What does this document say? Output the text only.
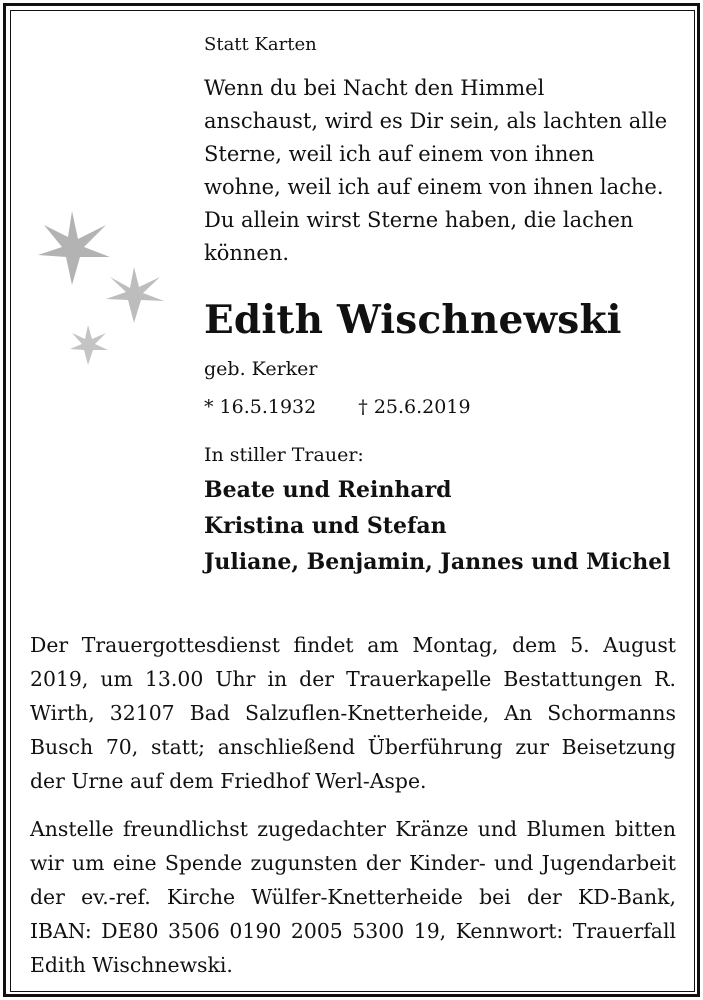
Statt Karten

Wenn du bei Nacht den Himmel
anschaust, wird es Dir sein, als lachten alle
Sterne, weil ich auf einem von ihnen
wohne, weil ich auf einem von ihnen lache.
Du allein wirst Sterne haben, die lachen
können.
Edith Wischnewski
geb. Kerker
* 16.5.1932 † 25.6.2019
In stiller Trauer:
Beate und Reinhard
Kristina und Stefan
Juliane, Benjamin, Jannes und Michel

Der Trauergottesdienst findet am Montag, dem 5. August 2019, um 13.00 Uhr in der Trauerkapelle Bestattungen R. Wirth, 32107 Bad Salzuflen-Knetterheide, An Schormanns Busch 70, statt; anschließend Überführung zur Beisetzung der Urne auf dem Friedhof Werl-Aspe.

Anstelle freundlichst zugedachter Kränze und Blumen bitten wir um eine Spende zugunsten der Kinder- und Jugendarbeit der ev.-ref. Kirche Wülfer-Knetterheide bei der KD-Bank, IBAN: DE80 3506 0190 2005 5300 19, Kennwort: Trauerfall Edith Wischnewski.
